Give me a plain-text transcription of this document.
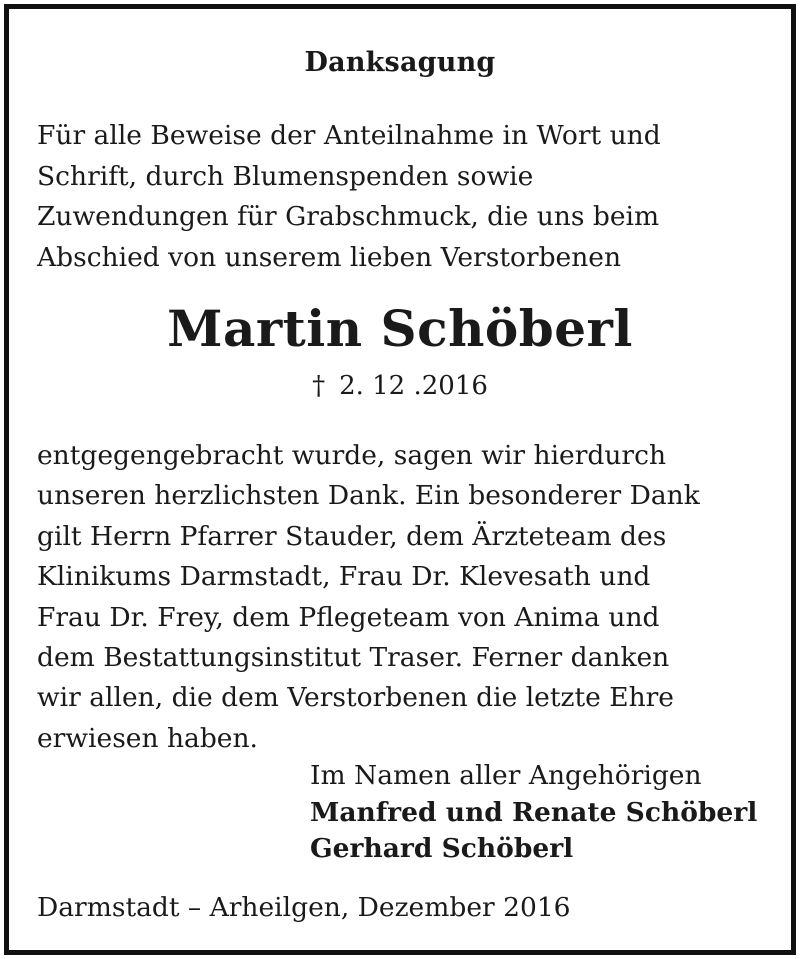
Danksagung
Für alle Beweise der Anteilnahme in Wort und
Schrift, durch Blumenspenden sowie
Zuwendungen für Grabschmuck, die uns beim
Abschied von unserem lieben Verstorbenen
Martin Schöberl
† 2. 12 .2016
entgegengebracht wurde, sagen wir hierdurch
unseren herzlichsten Dank. Ein besonderer Dank
gilt Herrn Pfarrer Stauder, dem Ärzteteam des
Klinikums Darmstadt, Frau Dr. Klevesath und
Frau Dr. Frey, dem Pflegeteam von Anima und
dem Bestattungsinstitut Traser. Ferner danken
wir allen, die dem Verstorbenen die letzte Ehre
erwiesen haben.
Im Namen aller Angehörigen
Manfred und Renate Schöberl
Gerhard Schöberl
Darmstadt – Arheilgen, Dezember 2016
